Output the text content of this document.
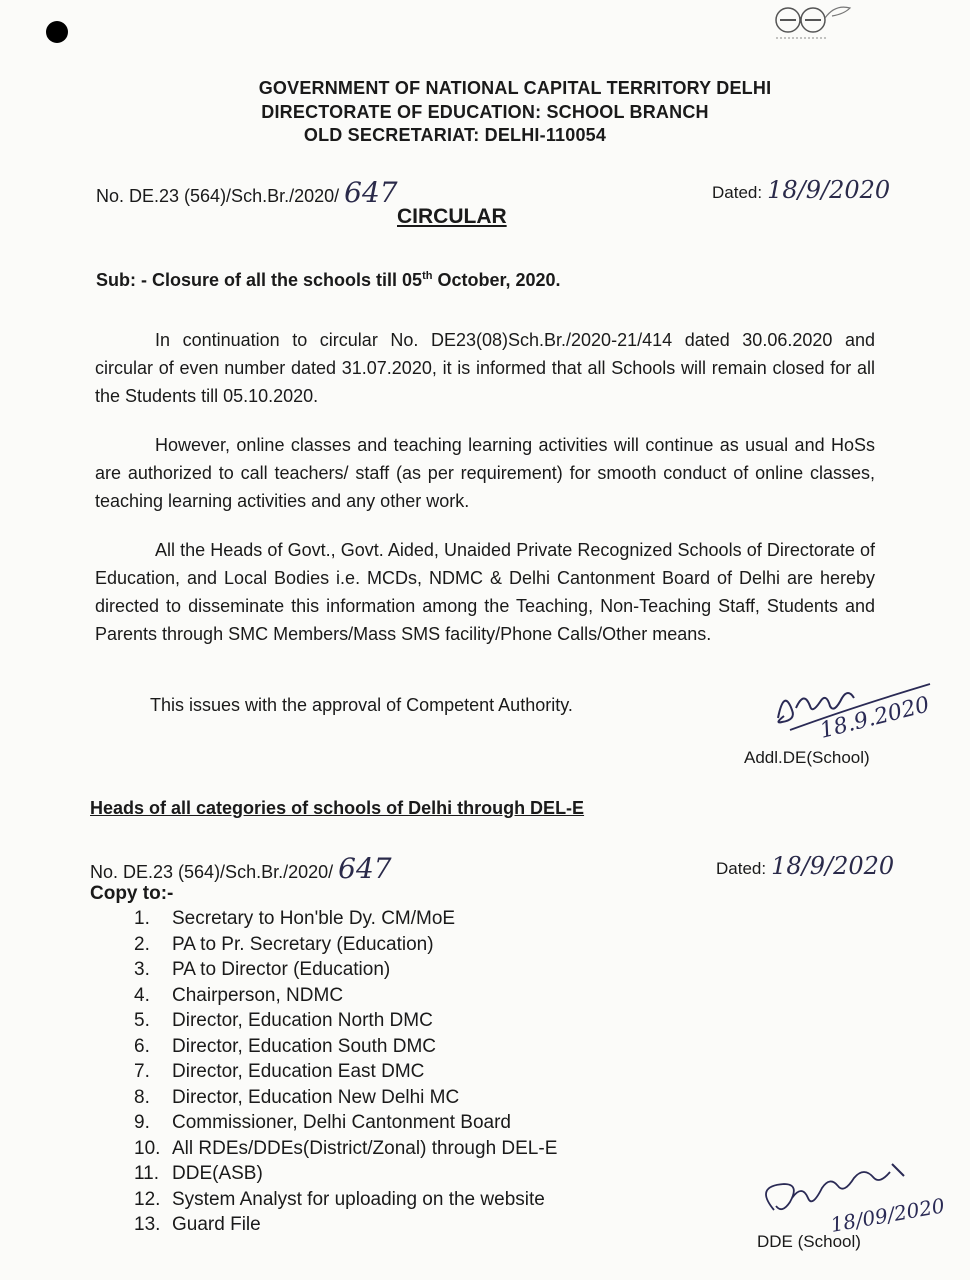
GOVERNMENT OF NATIONAL CAPITAL TERRITORY DELHI
DIRECTORATE OF EDUCATION: SCHOOL BRANCH
OLD SECRETARIAT: DELHI-110054
No. DE.23 (564)/Sch.Br./2020/ 647	Dated: 18/9/2020
CIRCULAR
Sub: - Closure of all the schools till 05th October, 2020.
In continuation to circular No. DE23(08)Sch.Br./2020-21/414 dated 30.06.2020 and circular of even number dated 31.07.2020, it is informed that all Schools will remain closed for all the Students till 05.10.2020.
However, online classes and teaching learning activities will continue as usual and HoSs are authorized to call teachers/ staff (as per requirement) for smooth conduct of online classes, teaching learning activities and any other work.
All the Heads of Govt., Govt. Aided, Unaided Private Recognized Schools of Directorate of Education, and Local Bodies i.e. MCDs, NDMC & Delhi Cantonment Board of Delhi are hereby directed to disseminate this information among the Teaching, Non-Teaching Staff, Students and Parents through SMC Members/Mass SMS facility/Phone Calls/Other means.
This issues with the approval of Competent Authority.	18.9.2020
Addl.DE(School)
Heads of all categories of schools of Delhi through DEL-E
No. DE.23 (564)/Sch.Br./2020/ 647	Dated: 18/9/2020
Copy to:-
1. Secretary to Hon'ble Dy. CM/MoE
2. PA to Pr. Secretary (Education)
3. PA to Director (Education)
4. Chairperson, NDMC
5. Director, Education North DMC
6. Director, Education South DMC
7. Director, Education East DMC
8. Director, Education New Delhi MC
9. Commissioner, Delhi Cantonment Board
10. All RDEs/DDEs(District/Zonal) through DEL-E
11. DDE(ASB)
12. System Analyst for uploading on the website
13. Guard File	18/09/2020
DDE (School)
